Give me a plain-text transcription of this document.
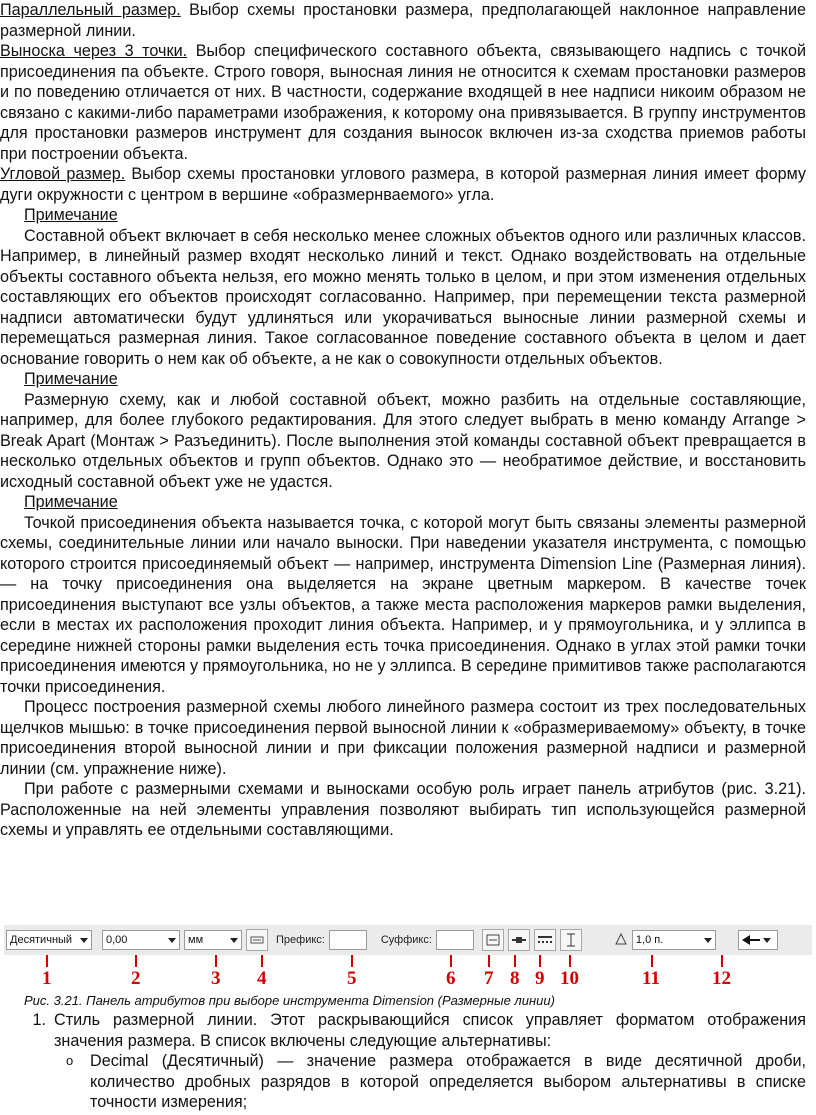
Параллельный размер. Выбор схемы простановки размера, предполагающей наклонное направление размерной линии.

Выноска через 3 точки. Выбор специфического составного объекта, связывающего надпись с точкой присоединения па объекте. Строго говоря, выносная линия не относится к схемам простановки размеров и по поведению отличается от них. В частности, содержание входящей в нее надписи никоим образом не связано с какими-либо параметрами изображения, к которому она привязывается. В группу инструментов для простановки размеров инструмент для создания выносок включен из-за сходства приемов работы при построении объекта.

Угловой размер. Выбор схемы простановки углового размера, в которой размерная линия имеет форму дуги окружности с центром в вершине «образмернваемого» угла.

Примечание

Составной объект включает в себя несколько менее сложных объектов одного или различных классов. Например, в линейный размер входят несколько линий и текст. Однако воздействовать на отдельные объекты составного объекта нельзя, его можно менять только в целом, и при этом изменения отдельных составляющих его объектов происходят согласованно. Например, при перемещении текста размерной надписи автоматически будут удлиняться или укорачиваться выносные линии размерной схемы и перемещаться размерная линия. Такое согласованное поведение составного объекта в целом и дает основание говорить о нем как об объекте, а не как о совокупности отдельных объектов.

Примечание

Размерную схему, как и любой составной объект, можно разбить на отдельные составляющие, например, для более глубокого редактирования. Для этого следует выбрать в меню команду Arrange > Break Apart (Монтаж > Разъединить). После выполнения этой команды составной объект превращается в несколько отдельных объектов и групп объектов. Однако это — необратимое действие, и восстановить исходный составной объект уже не удастся.

Примечание

Точкой присоединения объекта называется точка, с которой могут быть связаны элементы размерной схемы, соединительные линии или начало выноски. При наведении указателя инструмента, с помощью которого строится присоединяемый объект — например, инструмента Dimension Line (Размерная линия). — на точку присоединения она выделяется на экране цветным маркером. В качестве точек присоединения выступают все узлы объектов, а также места расположения маркеров рамки выделения, если в местах их расположения проходит линия объекта. Например, и у прямоугольника, и у эллипса в середине нижней стороны рамки выделения есть точка присоединения. Однако в углах этой рамки точки присоединения имеются у прямоугольника, но не у эллипса. В середине примитивов также располагаются точки присоединения.

Процесс построения размерной схемы любого линейного размера состоит из трех последовательных щелчков мышью: в точке присоединения первой выносной линии к «образмериваемому» объекту, в точке присоединения второй выносной линии и при фиксации положения размерной надписи и размерной линии (см. упражнение ниже).

При работе с размерными схемами и выносками особую роль играет панель атрибутов (рис. 3.21). Расположенные на ней элементы управления позволяют выбирать тип использующейся размерной схемы и управлять ее отдельными составляющими.

Десятичный	0,00	мм	Префикс:	Суффикс:	1,0 п.
1	2	3 4	5	6 7 8 9 10	11	12
Рис. 3.21. Панель атрибутов при выборе инструмента Dimension (Размерные линии)
1. Стиль размерной линии. Этот раскрывающийся список управляет форматом отображения значения размера. В список включены следующие альтернативы:

o	Decimal (Десятичный) — значение размера отображается в виде десятичной дроби, количество дробных разрядов в которой определяется выбором альтернативы в списке точности измерения;
